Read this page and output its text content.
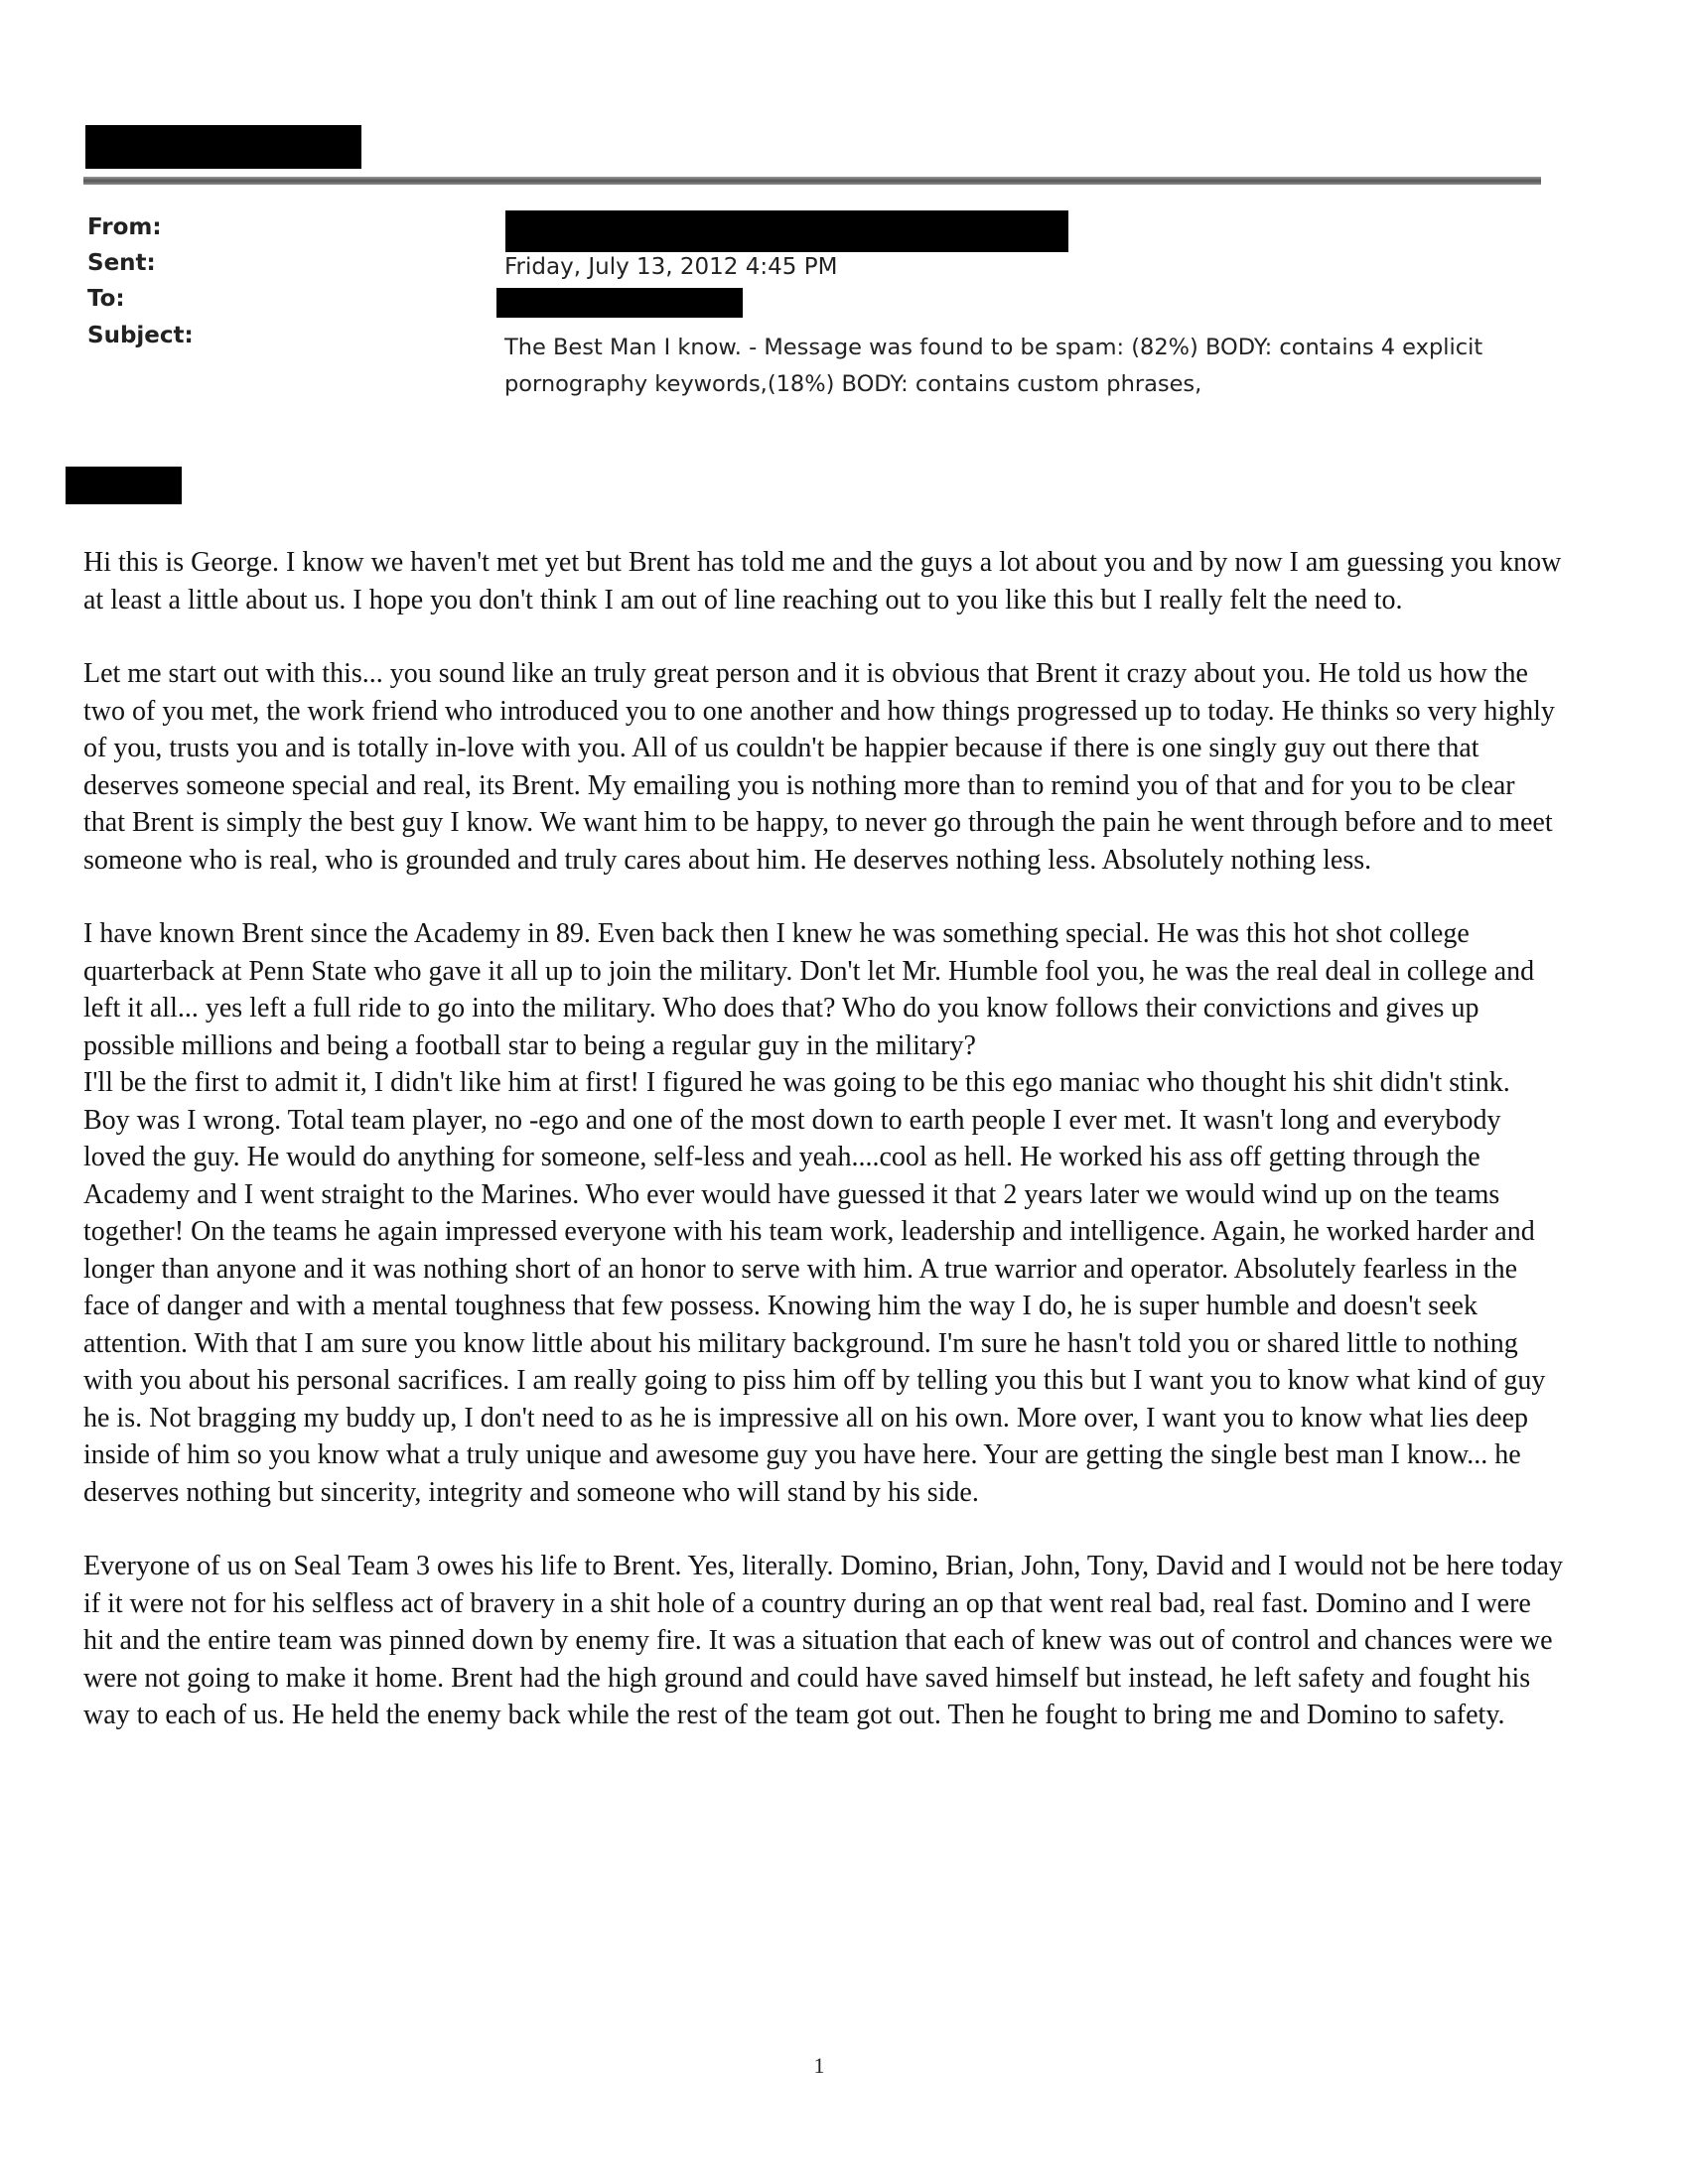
From:
Sent:
To:
Subject:
Friday, July 13, 2012 4:45 PM
The Best Man I know. - Message was found to be spam: (82%) BODY: contains 4 explicit pornography keywords,(18%) BODY: contains custom phrases,

Hi this is George. I know we haven't met yet but Brent has told me and the guys a lot about you and by now I am guessing you know at least a little about us. I hope you don't think I am out of line reaching out to you like this but I really felt the need to.

Let me start out with this... you sound like an truly great person and it is obvious that Brent it crazy about you. He told us how the two of you met, the work friend who introduced you to one another and how things progressed up to today. He thinks so very highly of you, trusts you and is totally in-love with you. All of us couldn't be happier because if there is one singly guy out there that deserves someone special and real, its Brent. My emailing you is nothing more than to remind you of that and for you to be clear that Brent is simply the best guy I know. We want him to be happy, to never go through the pain he went through before and to meet someone who is real, who is grounded and truly cares about him. He deserves nothing less. Absolutely nothing less.

I have known Brent since the Academy in 89. Even back then I knew he was something special. He was this hot shot college quarterback at Penn State who gave it all up to join the military. Don't let Mr. Humble fool you, he was the real deal in college and left it all... yes left a full ride to go into the military. Who does that? Who do you know follows their convictions and gives up possible millions and being a football star to being a regular guy in the military?

I'll be the first to admit it, I didn't like him at first! I figured he was going to be this ego maniac who thought his shit didn't stink. Boy was I wrong. Total team player, no -ego and one of the most down to earth people I ever met. It wasn't long and everybody loved the guy. He would do anything for someone, self-less and yeah....cool as hell. He worked his ass off getting through the Academy and I went straight to the Marines. Who ever would have guessed it that 2 years later we would wind up on the teams together! On the teams he again impressed everyone with his team work, leadership and intelligence. Again, he worked harder and longer than anyone and it was nothing short of an honor to serve with him. A true warrior and operator. Absolutely fearless in the face of danger and with a mental toughness that few possess. Knowing him the way I do, he is super humble and doesn't seek attention. With that I am sure you know little about his military background. I'm sure he hasn't told you or shared little to nothing with you about his personal sacrifices. I am really going to piss him off by telling you this but I want you to know what kind of guy he is. Not bragging my buddy up, I don't need to as he is impressive all on his own. More over, I want you to know what lies deep inside of him so you know what a truly unique and awesome guy you have here. Your are getting the single best man I know... he deserves nothing but sincerity, integrity and someone who will stand by his side.

Everyone of us on Seal Team 3 owes his life to Brent. Yes, literally. Domino, Brian, John, Tony, David and I would not be here today if it were not for his selfless act of bravery in a shit hole of a country during an op that went real bad, real fast. Domino and I were hit and the entire team was pinned down by enemy fire. It was a situation that each of knew was out of control and chances were we were not going to make it home. Brent had the high ground and could have saved himself but instead, he left safety and fought his way to each of us. He held the enemy back while the rest of the team got out. Then he fought to bring me and Domino to safety.

1
